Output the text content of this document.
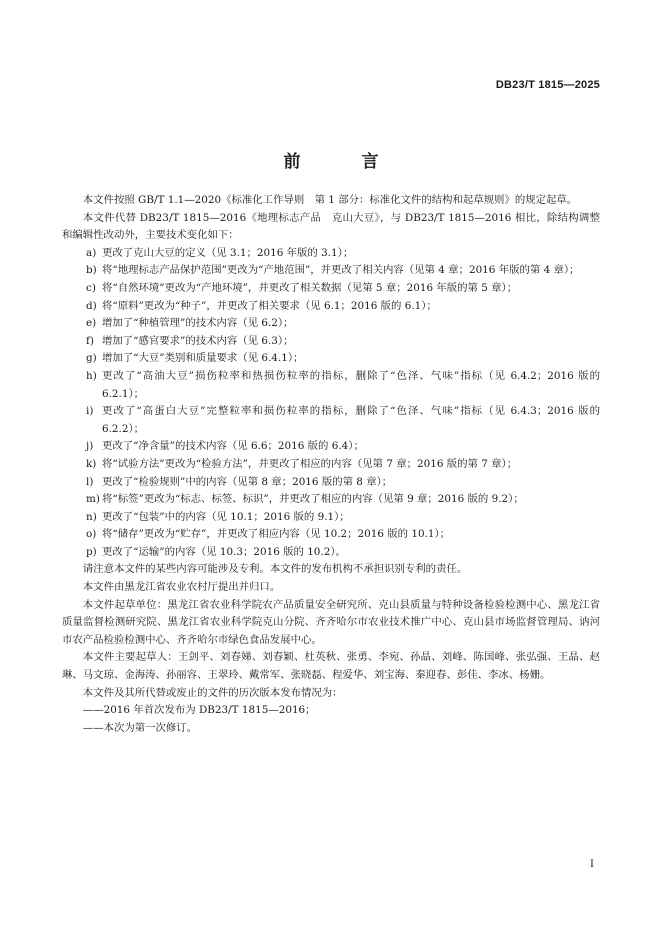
DB23/T 1815—2025
前　言

本文件按照 GB/T 1.1—2020《标准化工作导则　第 1 部分：标准化文件的结构和起草规则》的规定起草。

本文件代替 DB23/T 1815—2016《地理标志产品　克山大豆》，与 DB23/T 1815—2016 相比，除结构调整和编辑性改动外，主要技术变化如下：

a) 更改了克山大豆的定义（见 3.1；2016 年版的 3.1）；
b) 将“地理标志产品保护范围”更改为“产地范围”，并更改了相关内容（见第 4 章；2016 年版的第 4 章）；
c) 将“自然环境”更改为“产地环境”，并更改了相关数据（见第 5 章；2016 年版的第 5 章）；
d) 将“原料”更改为“种子”，并更改了相关要求（见 6.1；2016 版的 6.1）；
e) 增加了“种植管理”的技术内容（见 6.2）；
f) 增加了“感官要求”的技术内容（见 6.3）；
g) 增加了“大豆”类别和质量要求（见 6.4.1）；
h) 更改了“高油大豆”损伤粒率和热损伤粒率的指标，删除了“色泽、气味”指标（见 6.4.2；2016 版的 6.2.1）；
i) 更改了“高蛋白大豆”完整粒率和损伤粒率的指标，删除了“色泽、气味”指标（见 6.4.3；2016 版的 6.2.2）；
j) 更改了“净含量”的技术内容（见 6.6；2016 版的 6.4）；
k) 将“试验方法”更改为“检验方法”，并更改了相应的内容（见第 7 章；2016 版的第 7 章）；
l) 更改了“检验规则”中的内容（见第 8 章；2016 版的第 8 章）；
m) 将“标签”更改为“标志、标签、标识”，并更改了相应的内容（见第 9 章；2016 版的 9.2）；
n) 更改了“包装”中的内容（见 10.1；2016 版的 9.1）；
o) 将“储存”更改为“贮存”，并更改了相应内容（见 10.2；2016 版的 10.1）；
p) 更改了“运输”的内容（见 10.3；2016 版的 10.2）。

请注意本文件的某些内容可能涉及专利。本文件的发布机构不承担识别专利的责任。

本文件由黑龙江省农业农村厅提出并归口。

本文件起草单位：黑龙江省农业科学院农产品质量安全研究所、克山县质量与特种设备检验检测中心、黑龙江省质量监督检测研究院、黑龙江省农业科学院克山分院、齐齐哈尔市农业技术推广中心、克山县市场监督管理局、讷河市农产品检验检测中心、齐齐哈尔市绿色食品发展中心。

本文件主要起草人：王剑平、刘春娣、刘春颖、杜英秋、张勇、李宛、孙晶、刘峰、陈国峰、张弘强、王晶、赵琳、马文琼、金海涛、孙丽容、王翠玲、戴常军、张晓磊、程爱华、刘宝海、秦迎春、彭佳、李冰、杨姗。

本文件及其所代替或废止的文件的历次版本发布情况为：

——2016 年首次发布为 DB23/T 1815—2016；

——本次为第一次修订。

I
